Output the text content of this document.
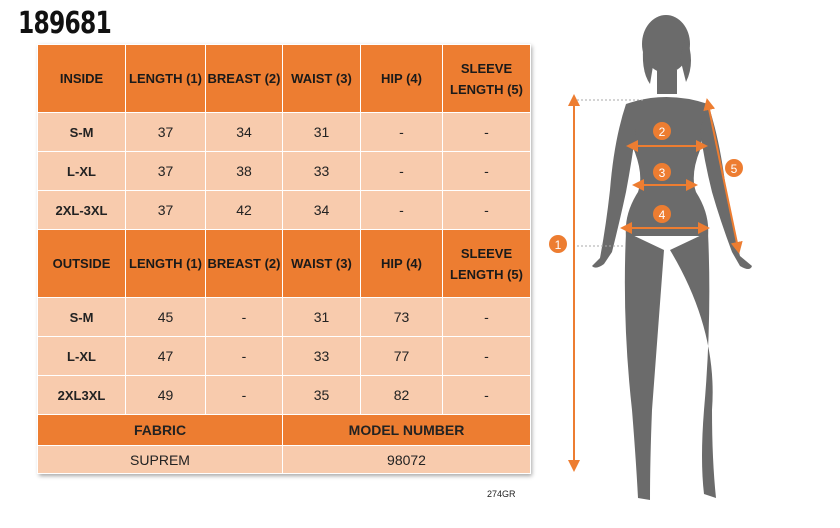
189681
INSIDE	LENGTH (1)	BREAST (2)	WAIST (3)	HIP (4)	SLEEVE LENGTH (5)
S-M	37	34	31	-	-
L-XL	37	38	33	-	-
2XL-3XL	37	42	34	-	-
OUTSIDE	LENGTH (1)	BREAST (2)	WAIST (3)	HIP (4)	SLEEVE LENGTH (5)
S-M	45	-	31	73	-
L-XL	47	-	33	77	-
2XL3XL	49	-	35	82	-
FABRIC			MODEL NUMBER		
SUPREM			98072		
274GR
1
2
3
4
5
